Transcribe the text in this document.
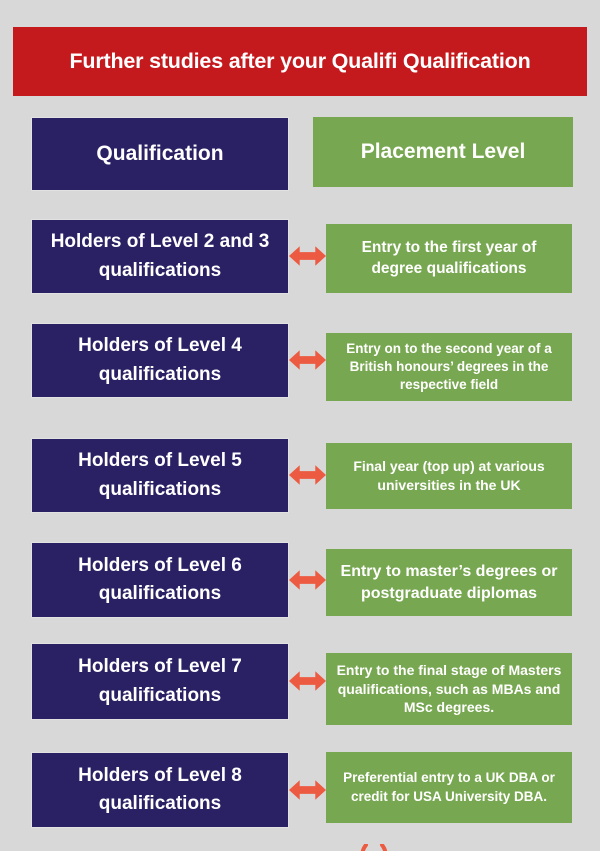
Further studies after your Qualifi Qualification
Qualification	Placement Level
Holders of Level 2 and 3 qualifications
Entry to the first year of degree qualifications
Holders of Level 4 qualifications
Entry on to the second year of a British honours’ degrees in the respective field
Holders of Level 5 qualifications
Final year (top up) at various universities in the UK
Holders of Level 6 qualifications
Entry to master’s degrees or postgraduate diplomas
Holders of Level 7 qualifications
Entry to the final stage of Masters qualifications, such as MBAs and MSc degrees.
Holders of Level 8 qualifications
Preferential entry to a UK DBA or credit for USA University DBA.
